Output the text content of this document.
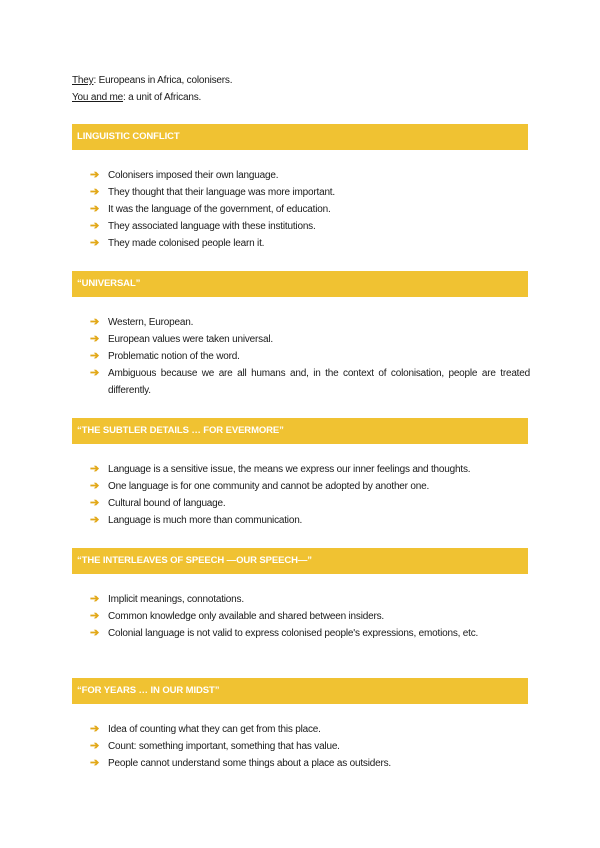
They: Europeans in Africa, colonisers.
You and me: a unit of Africans.
LINGUISTIC CONFLICT
➔ Colonisers imposed their own language.
➔ They thought that their language was more important.
➔ It was the language of the government, of education.
➔ They associated language with these institutions.
➔ They made colonised people learn it.
“UNIVERSAL”
➔ Western, European.
➔ European values were taken universal.
➔ Problematic notion of the word.
➔ Ambiguous because we are all humans and, in the context of colonisation, people are treated differently.
“THE SUBTLER DETAILS … FOR EVERMORE”
➔ Language is a sensitive issue, the means we express our inner feelings and thoughts.
➔ One language is for one community and cannot be adopted by another one.
➔ Cultural bound of language.
➔ Language is much more than communication.
“THE INTERLEAVES OF SPEECH —OUR SPEECH—”
➔ Implicit meanings, connotations.
➔ Common knowledge only available and shared between insiders.
➔ Colonial language is not valid to express colonised people's expressions, emotions, etc.
“FOR YEARS … IN OUR MIDST”
➔ Idea of counting what they can get from this place.
➔ Count: something important, something that has value.
➔ People cannot understand some things about a place as outsiders.
